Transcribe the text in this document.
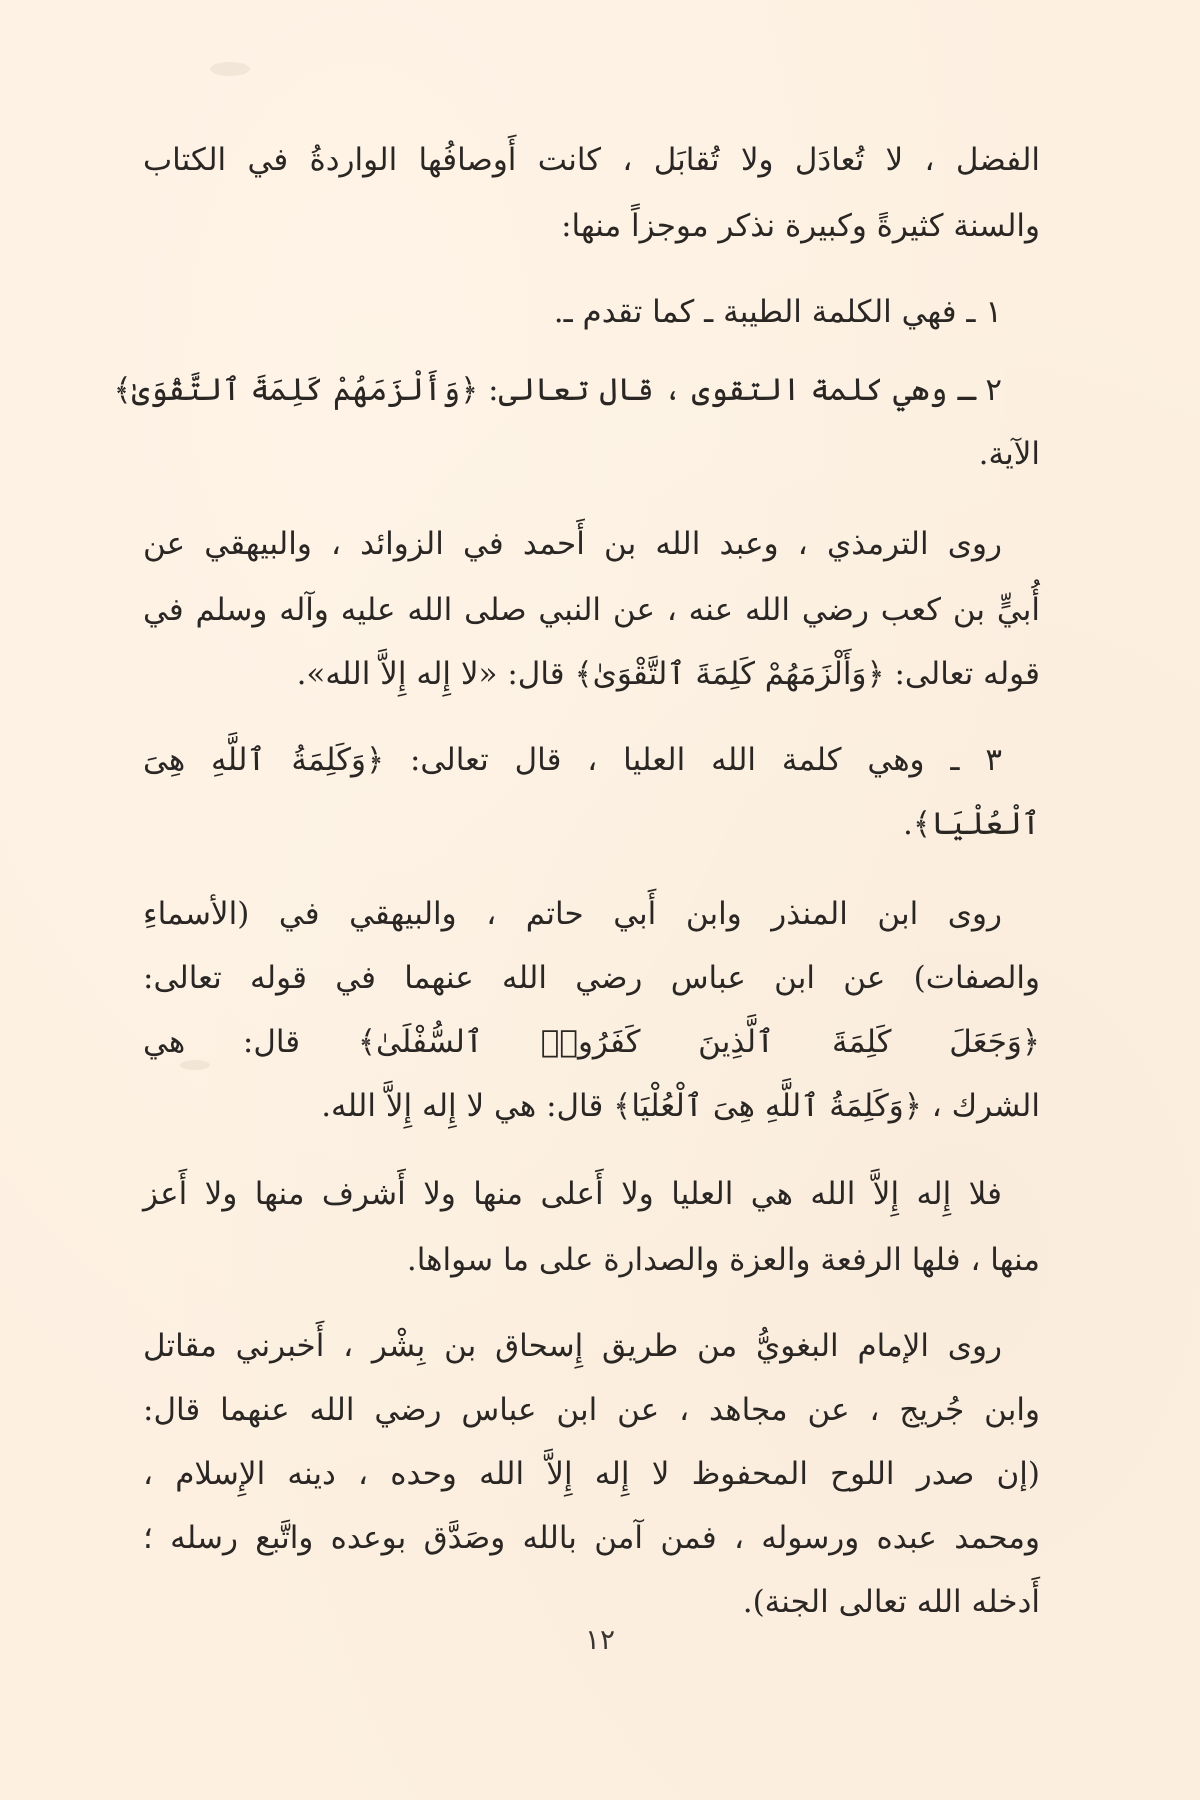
الفضل ، لا تُعادَل ولا تُقابَل ، كانت أَوصافُها الواردةُ في الكتاب
والسنة كثيرةً وكبيرة نذكر موجزاً منها:
١ ـ فهي الكلمة الطيبة ـ كما تقدم ـ.
٢ ـ وهي كلمة التقوى ، قال تعالى: ﴿وَأَلْزَمَهُمْ كَلِمَةَ ٱلتَّقْوَىٰ﴾
الآية.
روى الترمذي ، وعبد الله بن أَحمد في الزوائد ، والبيهقي عن
أُبيٍّ بن كعب رضي الله عنه ، عن النبي صلى الله عليه وآله وسلم في
قوله تعالى: ﴿وَأَلْزَمَهُمْ كَلِمَةَ ٱلتَّقْوَىٰ﴾ قال: «لا إِله إِلاَّ الله».
٣ ـ وهي كلمة الله العليا ، قال تعالى: ﴿وَكَلِمَةُ ٱللَّهِ هِىَ
ٱلْعُلْيَا﴾.
روى ابن المنذر وابن أَبي حاتم ، والبيهقي في (الأسماءِ
والصفات) عن ابن عباس رضي الله عنهما في قوله تعالى:
﴿وَجَعَلَ كَلِمَةَ ٱلَّذِينَ كَفَرُوا۟ ٱلسُّفْلَىٰ﴾ قال: هي
الشرك ، ﴿وَكَلِمَةُ ٱللَّهِ هِىَ ٱلْعُلْيَا﴾ قال: هي لا إِله إِلاَّ الله.
فلا إِله إِلاَّ الله هي العليا ولا أَعلى منها ولا أَشرف منها ولا أَعز
منها ، فلها الرفعة والعزة والصدارة على ما سواها.
روى الإمام البغويُّ من طريق إِسحاق بن بِشْر ، أَخبرني مقاتل
وابن جُريج ، عن مجاهد ، عن ابن عباس رضي الله عنهما قال:
(إن صدر اللوح المحفوظ لا إِله إِلاَّ الله وحده ، دينه الإِسلام ،
ومحمد عبده ورسوله ، فمن آمن بالله وصَدَّق بوعده واتَّبع رسله ؛
أَدخله الله تعالى الجنة).
١٢
